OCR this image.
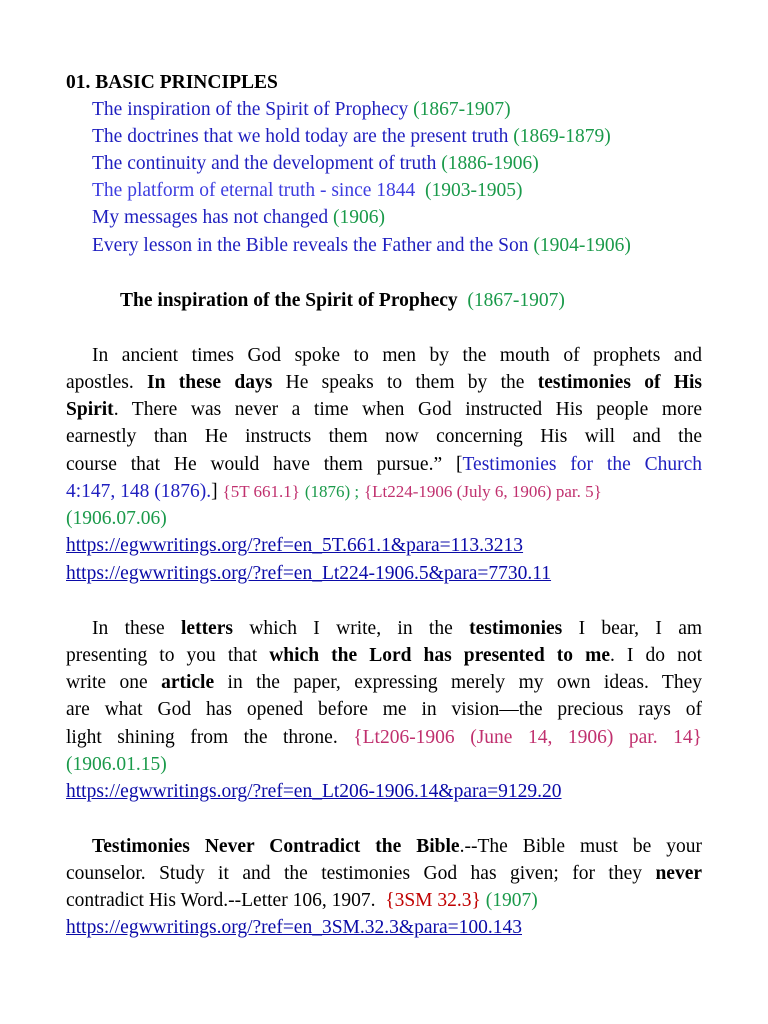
01. BASIC PRINCIPLES
The inspiration of the Spirit of Prophecy (1867-1907)
The doctrines that we hold today are the present truth (1869-1879)
The continuity and the development of truth (1886-1906)
The platform of eternal truth - since 1844 (1903-1905)
My messages has not changed (1906)
Every lesson in the Bible reveals the Father and the Son (1904-1906)
The inspiration of the Spirit of Prophecy (1867-1907)
In ancient times God spoke to men by the mouth of prophets and
apostles. In these days He speaks to them by the testimonies of His
Spirit. There was never a time when God instructed His people more
earnestly than He instructs them now concerning His will and the
course that He would have them pursue.” [Testimonies for the Church
4:147, 148 (1876).] {5T 661.1} (1876) ; {Lt224-1906 (July 6, 1906) par. 5}
(1906.07.06)
https://egwwritings.org/?ref=en_5T.661.1&para=113.3213
https://egwwritings.org/?ref=en_Lt224-1906.5&para=7730.11
In these letters which I write, in the testimonies I bear, I am
presenting to you that which the Lord has presented to me. I do not
write one article in the paper, expressing merely my own ideas. They
are what God has opened before me in vision—the precious rays of
light shining from the throne. {Lt206-1906 (June 14, 1906) par. 14}
(1906.01.15)
https://egwwritings.org/?ref=en_Lt206-1906.14&para=9129.20
Testimonies Never Contradict the Bible.--The Bible must be your
counselor. Study it and the testimonies God has given; for they never
contradict His Word.--Letter 106, 1907. {3SM 32.3} (1907)
https://egwwritings.org/?ref=en_3SM.32.3&para=100.143
